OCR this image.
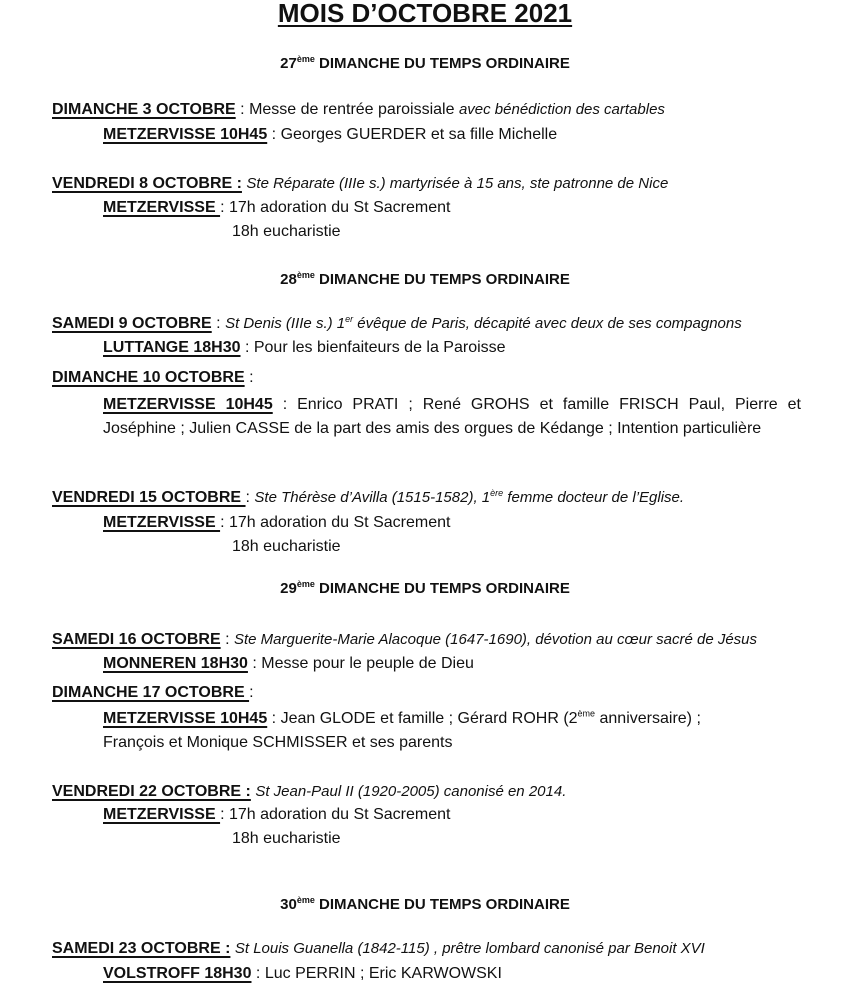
MOIS D’OCTOBRE 2021
27ème DIMANCHE DU TEMPS ORDINAIRE
DIMANCHE 3 OCTOBRE : Messe de rentrée paroissiale avec bénédiction des cartables
METZERVISSE 10H45 : Georges GUERDER et sa fille Michelle
VENDREDI 8 OCTOBRE : Ste Réparate (IIIe s.) martyrisée à 15 ans, ste patronne de Nice
METZERVISSE : 17h adoration du St Sacrement
18h eucharistie
28ème DIMANCHE DU TEMPS ORDINAIRE
SAMEDI 9 OCTOBRE : St Denis (IIIe s.) 1er évêque de Paris, décapité avec deux de ses compagnons
LUTTANGE 18H30 : Pour les bienfaiteurs de la Paroisse
DIMANCHE 10 OCTOBRE :
METZERVISSE 10H45 : Enrico PRATI ; René GROHS et famille FRISCH Paul, Pierre et Joséphine ; Julien CASSE de la part des amis des orgues de Kédange ; Intention particulière
VENDREDI 15 OCTOBRE : Ste Thérèse d’Avilla (1515-1582), 1ère femme docteur de l’Eglise.
METZERVISSE : 17h adoration du St Sacrement
18h eucharistie
29ème DIMANCHE DU TEMPS ORDINAIRE
SAMEDI 16 OCTOBRE : Ste Marguerite-Marie Alacoque (1647-1690), dévotion au cœur sacré de Jésus
MONNEREN 18H30 : Messe pour le peuple de Dieu
DIMANCHE 17 OCTOBRE :
METZERVISSE 10H45 : Jean GLODE et famille ; Gérard ROHR (2ème anniversaire) ;
François et Monique SCHMISSER et ses parents
VENDREDI 22 OCTOBRE : St Jean-Paul II (1920-2005) canonisé en 2014.
METZERVISSE : 17h adoration du St Sacrement
18h eucharistie
30ème DIMANCHE DU TEMPS ORDINAIRE
SAMEDI 23 OCTOBRE : St Louis Guanella (1842-115) , prêtre lombard canonisé par Benoit XVI
VOLSTROFF 18H30 : Luc PERRIN ; Eric KARWOWSKI
